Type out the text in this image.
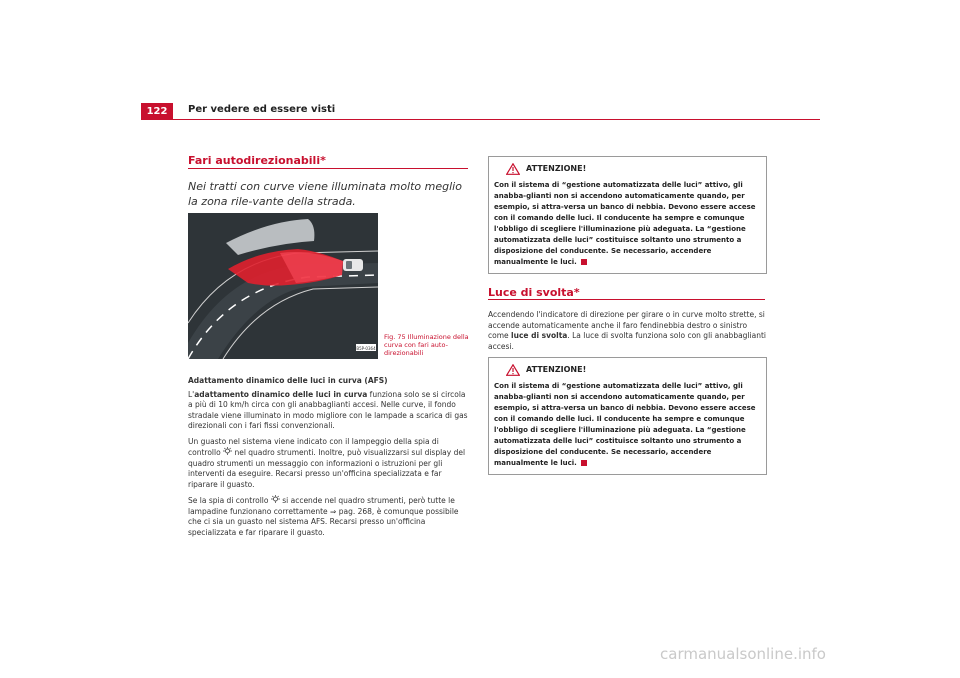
122	Per vedere ed essere visti
Fari autodirezionabili*
Nei tratti con curve viene illuminata molto meglio la zona rile-vante della strada.
B5P-0364
Fig. 75 Illuminazione della curva con fari auto-direzionabili

Adattamento dinamico delle luci in curva (AFS)

L'adattamento dinamico delle luci in curva funziona solo se si circola a più di 10 km/h circa con gli anabbaglianti accesi. Nelle curve, il fondo stradale viene illuminato in modo migliore con le lampade a scarica di gas direzionali con i fari fissi convenzionali.

Un guasto nel sistema viene indicato con il lampeggio della spia di controllo  nel quadro strumenti. Inoltre, può visualizzarsi sul display del quadro strumenti un messaggio con informazioni o istruzioni per gli interventi da eseguire. Recarsi presso un'officina specializzata e far riparare il guasto.

Se la spia di controllo  si accende nel quadro strumenti, però tutte le lampadine funzionano correttamente ⇒ pag. 268, è comunque possibile che ci sia un guasto nel sistema AFS. Recarsi presso un'officina specializzata e far riparare il guasto.

ATTENZIONE!
Con il sistema di “gestione automatizzata delle luci” attivo, gli anabba-glianti non si accendono automaticamente quando, per esempio, si attra-versa un banco di nebbia. Devono essere accese con il comando delle luci. Il conducente ha sempre e comunque l'obbligo di scegliere l'illuminazione più adeguata. La “gestione automatizzata delle luci” costituisce soltanto uno strumento a disposizione del conducente. Se necessario, accendere manualmente le luci.
Luce di svolta*

Accendendo l'indicatore di direzione per girare o in curve molto strette, si accende automaticamente anche il faro fendinebbia destro o sinistro come luce di svolta. La luce di svolta funziona solo con gli anabbaglianti accesi.

ATTENZIONE!
Con il sistema di “gestione automatizzata delle luci” attivo, gli anabba-glianti non si accendono automaticamente quando, per esempio, si attra-versa un banco di nebbia. Devono essere accese con il comando delle luci. Il conducente ha sempre e comunque l'obbligo di scegliere l'illuminazione più adeguata. La “gestione automatizzata delle luci” costituisce soltanto uno strumento a disposizione del conducente. Se necessario, accendere manualmente le luci.
carmanualsonline.info
